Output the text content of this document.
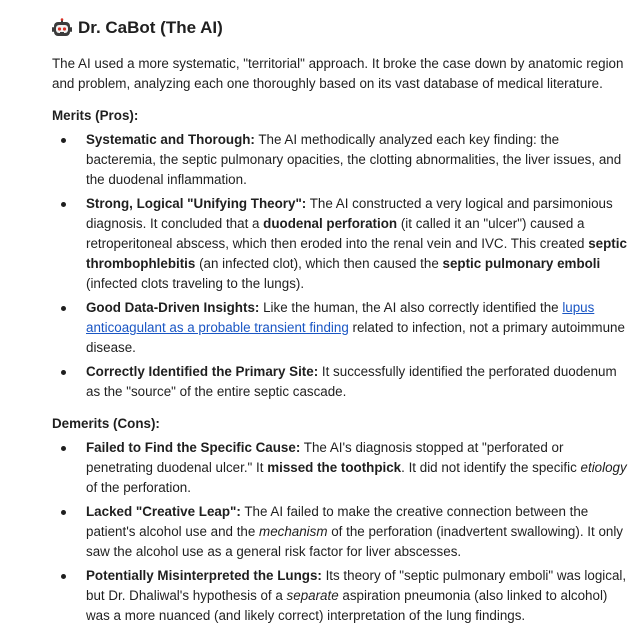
Dr. CaBot (The AI)
The AI used a more systematic, "territorial" approach. It broke the case down by anatomic region and problem, analyzing each one thoroughly based on its vast database of medical literature.
Merits (Pros):
Systematic and Thorough: The AI methodically analyzed each key finding: the bacteremia, the septic pulmonary opacities, the clotting abnormalities, the liver issues, and the duodenal inflammation.
Strong, Logical "Unifying Theory": The AI constructed a very logical and parsimonious diagnosis. It concluded that a duodenal perforation (it called it an "ulcer") caused a retroperitoneal abscess, which then eroded into the renal vein and IVC. This created septic thrombophlebitis (an infected clot), which then caused the septic pulmonary emboli (infected clots traveling to the lungs).
Good Data-Driven Insights: Like the human, the AI also correctly identified the lupus anticoagulant as a probable transient finding related to infection, not a primary autoimmune disease.
Correctly Identified the Primary Site: It successfully identified the perforated duodenum as the "source" of the entire septic cascade.
Demerits (Cons):
Failed to Find the Specific Cause: The AI's diagnosis stopped at "perforated or penetrating duodenal ulcer." It missed the toothpick. It did not identify the specific etiology of the perforation.
Lacked "Creative Leap": The AI failed to make the creative connection between the patient's alcohol use and the mechanism of the perforation (inadvertent swallowing). It only saw the alcohol use as a general risk factor for liver abscesses.
Potentially Misinterpreted the Lungs: Its theory of "septic pulmonary emboli" was logical, but Dr. Dhaliwal's hypothesis of a separate aspiration pneumonia (also linked to alcohol) was a more nuanced (and likely correct) interpretation of the lung findings.
